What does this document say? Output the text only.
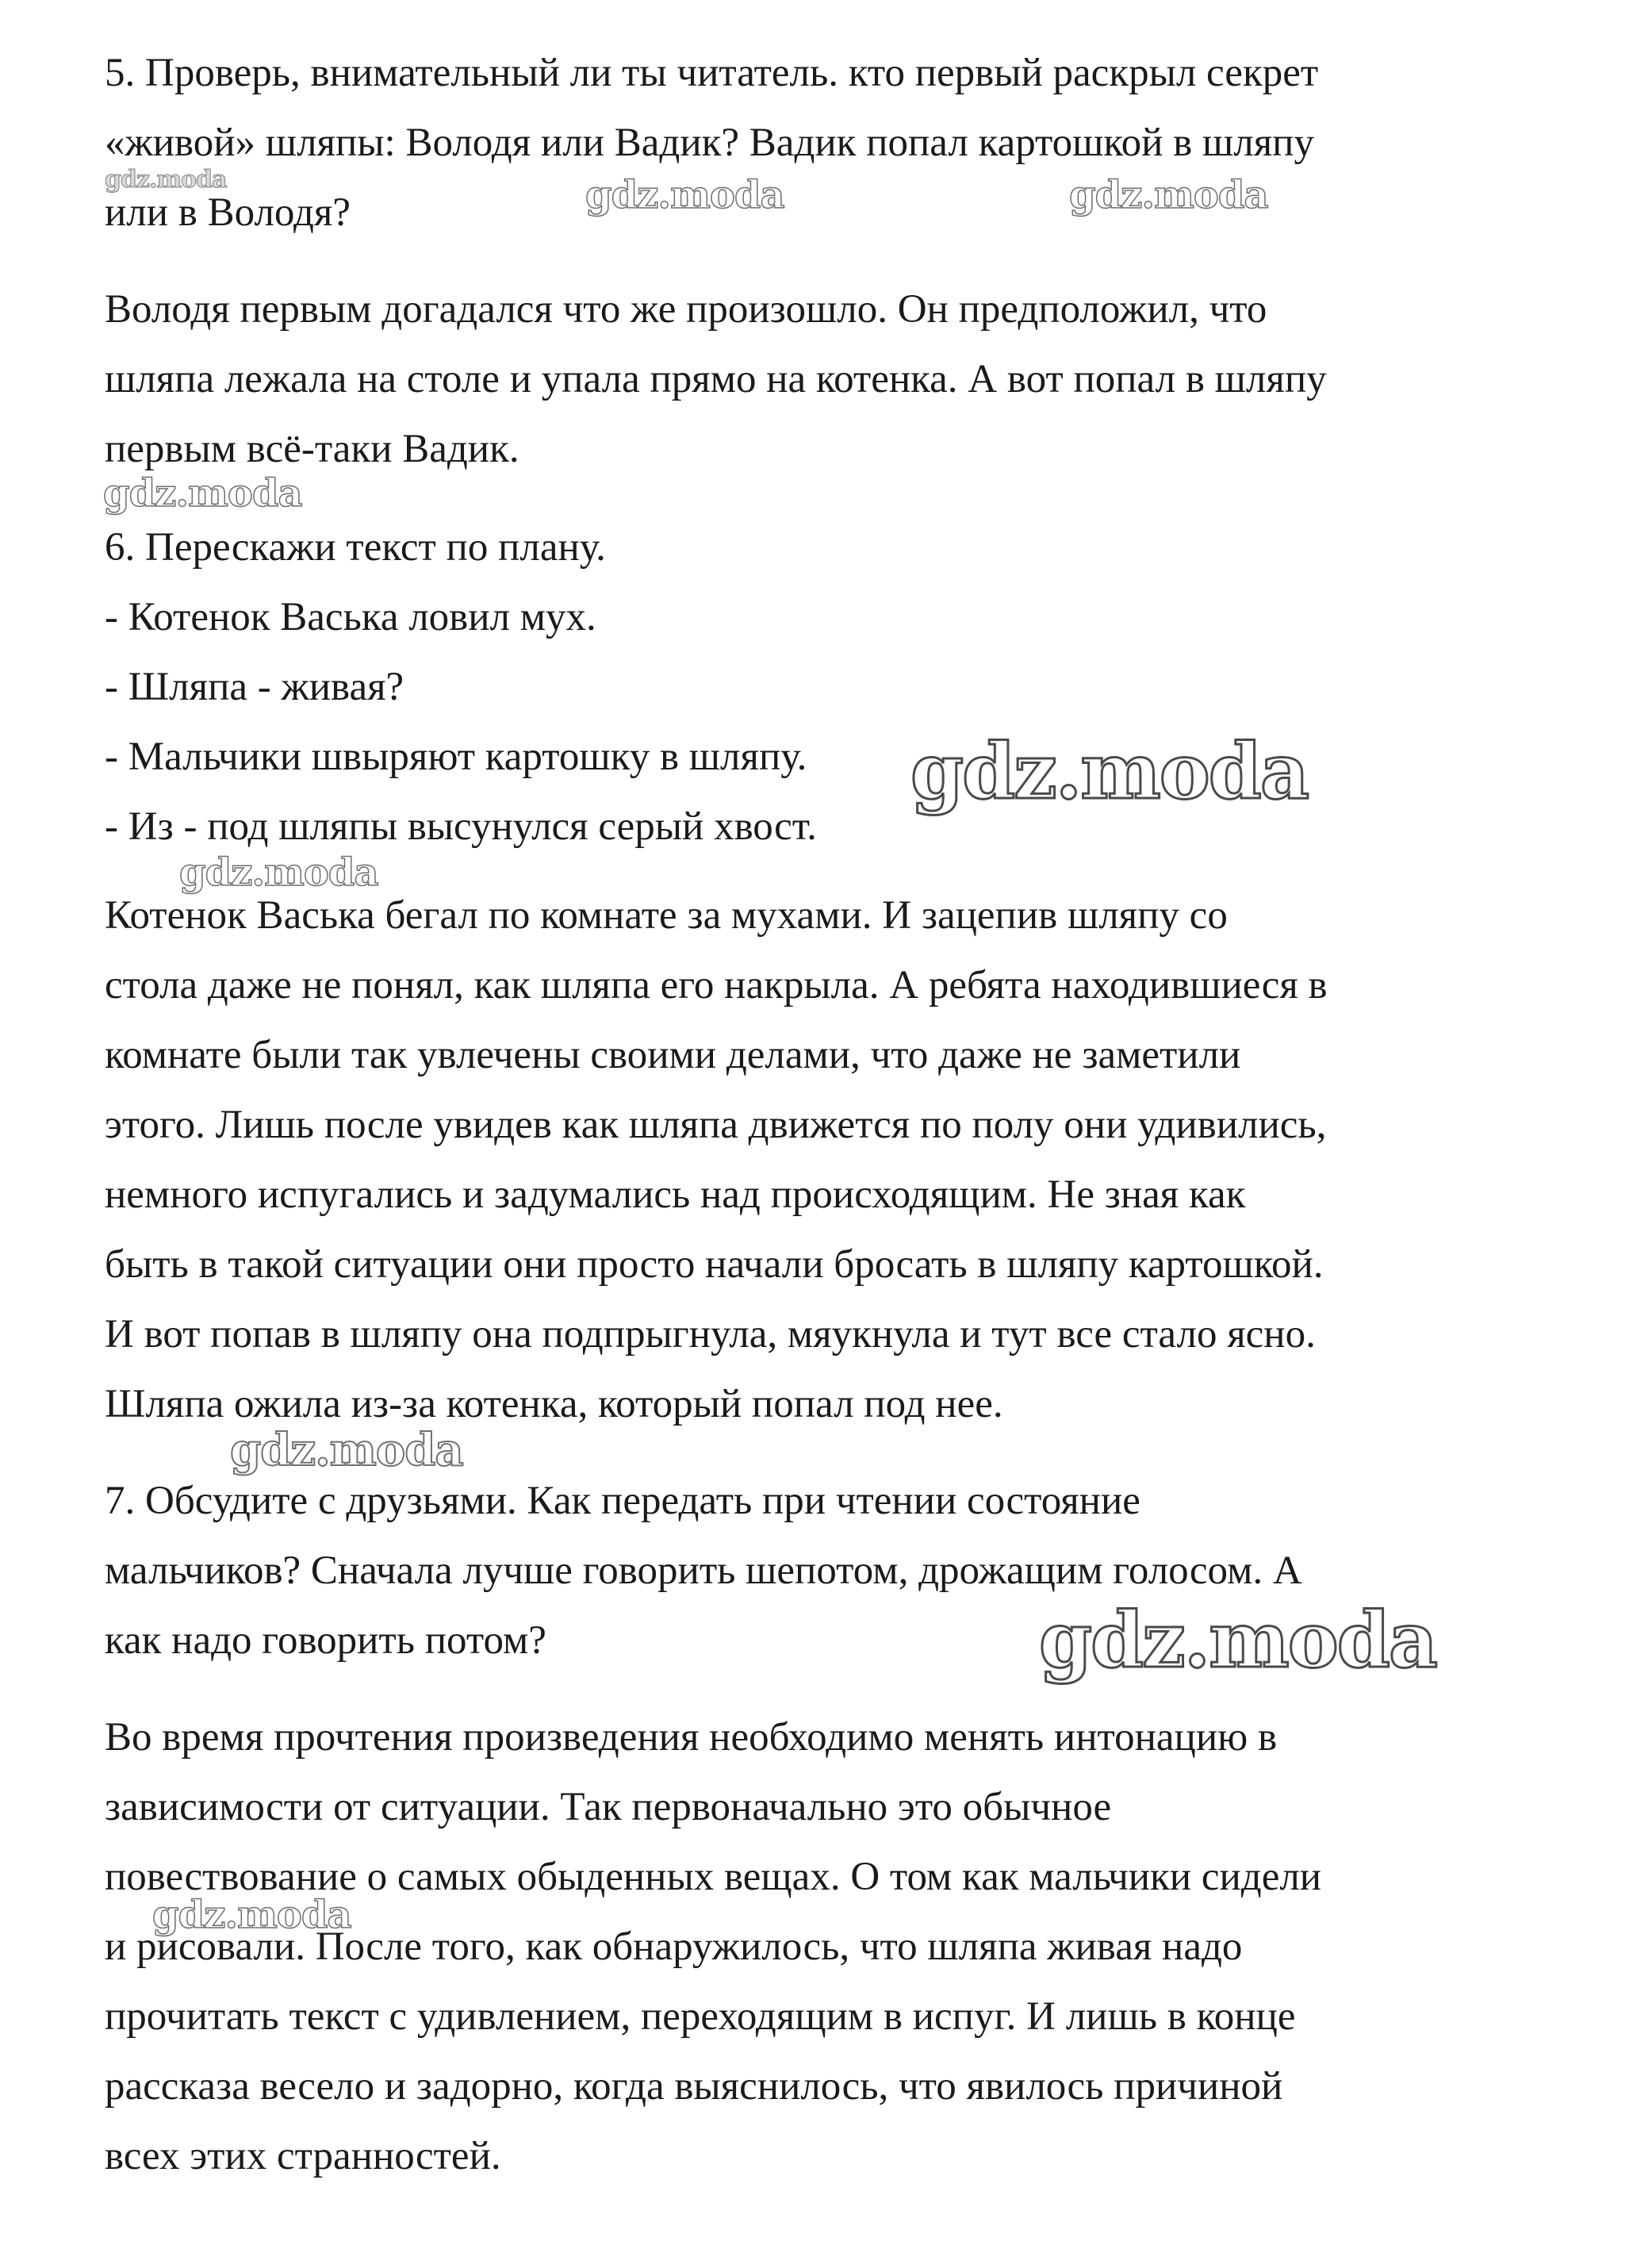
5. Проверь, внимательный ли ты читатель. кто первый раскрыл секрет

«живой» шляпы: Володя или Вадик? Вадик попал картошкой в шляпу

или в Володя?

Володя первым догадался что же произошло. Он предположил, что

шляпа лежала на столе и упала прямо на котенка. А вот попал в шляпу

первым всё-таки Вадик.

6. Перескажи текст по плану.

- Котенок Васька ловил мух.

- Шляпа - живая?

- Мальчики швыряют картошку в шляпу.

- Из - под шляпы высунулся серый хвост.

Котенок Васька бегал по комнате за мухами. И зацепив шляпу со

стола даже не понял, как шляпа его накрыла. А ребята находившиеся в

комнате были так увлечены своими делами, что даже не заметили

этого. Лишь после увидев как шляпа движется по полу они удивились,

немного испугались и задумались над происходящим. Не зная как

быть в такой ситуации они просто начали бросать в шляпу картошкой.

И вот попав в шляпу она подпрыгнула, мяукнула и тут все стало ясно.

Шляпа ожила из-за котенка, который попал под нее.

7. Обсудите с друзьями. Как передать при чтении состояние

мальчиков? Сначала лучше говорить шепотом, дрожащим голосом. А

как надо говорить потом?

Во время прочтения произведения необходимо менять интонацию в

зависимости от ситуации. Так первоначально это обычное

повествование о самых обыденных вещах. О том как мальчики сидели

и рисовали. После того, как обнаружилось, что шляпа живая надо

прочитать текст с удивлением, переходящим в испуг. И лишь в конце

рассказа весело и задорно, когда выяснилось, что явилось причиной

всех этих странностей.

gdz.moda	gdz.moda	gdz.moda
gdz.moda
gdz.moda
gdz.moda
gdz.moda
gdz.moda
gdz.moda
